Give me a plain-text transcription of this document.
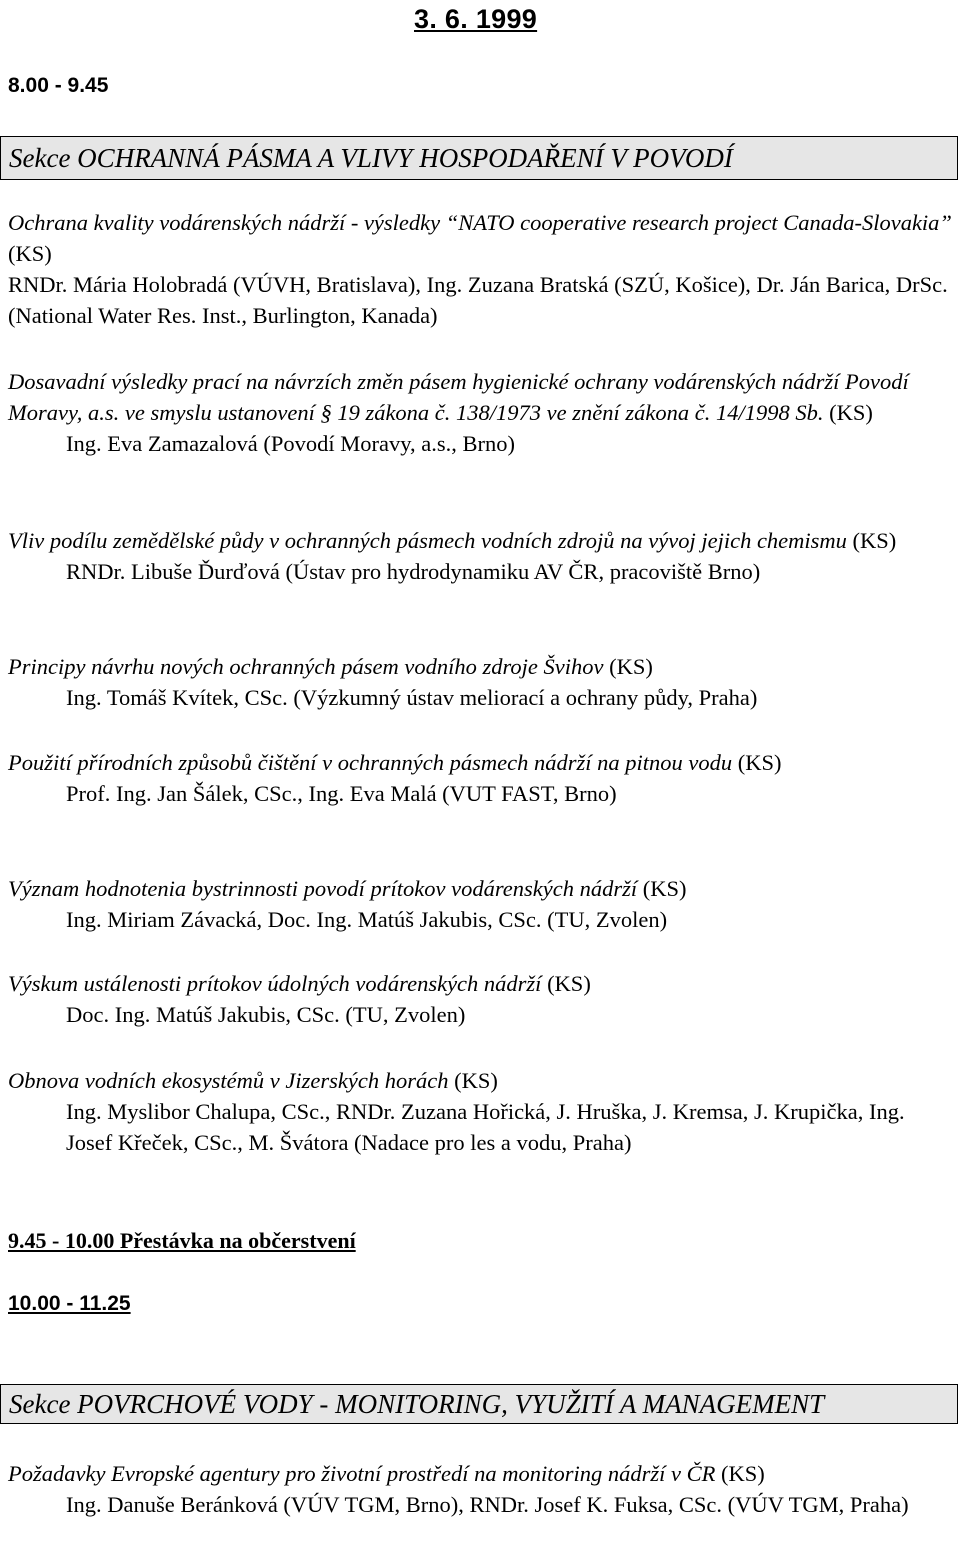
3. 6. 1999
8.00 - 9.45
Sekce OCHRANNÁ PÁSMA A VLIVY HOSPODAŘENÍ V POVODÍ
Ochrana kvality vodárenských nádrží - výsledky “NATO cooperative research project Canada-Slovakia” (KS)
RNDr. Mária Holobradá (VÚVH, Bratislava), Ing. Zuzana Bratská (SZÚ, Košice), Dr. Ján Barica, DrSc. (National Water Res. Inst., Burlington, Kanada)
Dosavadní výsledky prací na návrzích změn pásem hygienické ochrany vodárenských nádrží Povodí Moravy, a.s. ve smyslu ustanovení § 19 zákona č. 138/1973 ve znění zákona č. 14/1998 Sb. (KS)
Ing. Eva Zamazalová (Povodí Moravy, a.s., Brno)
Vliv podílu zemědělské půdy v ochranných pásmech vodních zdrojů na vývoj jejich chemismu (KS)
RNDr. Libuše Ďurďová (Ústav pro hydrodynamiku AV ČR, pracoviště Brno)
Principy návrhu nových ochranných pásem vodního zdroje Švihov (KS)
Ing. Tomáš Kvítek, CSc. (Výzkumný ústav meliorací a ochrany půdy, Praha)
Použití přírodních způsobů čištění v ochranných pásmech nádrží na pitnou vodu (KS)
Prof. Ing. Jan Šálek, CSc., Ing. Eva Malá (VUT FAST, Brno)
Význam hodnotenia bystrinnosti povodí prítokov vodárenských nádrží (KS)
Ing. Miriam Závacká, Doc. Ing. Matúš Jakubis, CSc. (TU, Zvolen)
Výskum ustálenosti prítokov údolných vodárenských nádrží (KS)
Doc. Ing. Matúš Jakubis, CSc. (TU, Zvolen)
Obnova vodních ekosystémů v Jizerských horách (KS)
Ing. Myslibor Chalupa, CSc., RNDr. Zuzana Hořická, J. Hruška, J. Kremsa, J. Krupička, Ing. Josef Křeček, CSc., M. Švátora (Nadace pro les a vodu, Praha)
9.45 - 10.00 Přestávka na občerstvení
10.00 - 11.25
Sekce POVRCHOVÉ VODY - MONITORING, VYUŽITÍ A MANAGEMENT
Požadavky Evropské agentury pro životní prostředí na monitoring nádrží v ČR (KS)
Ing. Danuše Beránková (VÚV TGM, Brno), RNDr. Josef K. Fuksa, CSc. (VÚV TGM, Praha)
